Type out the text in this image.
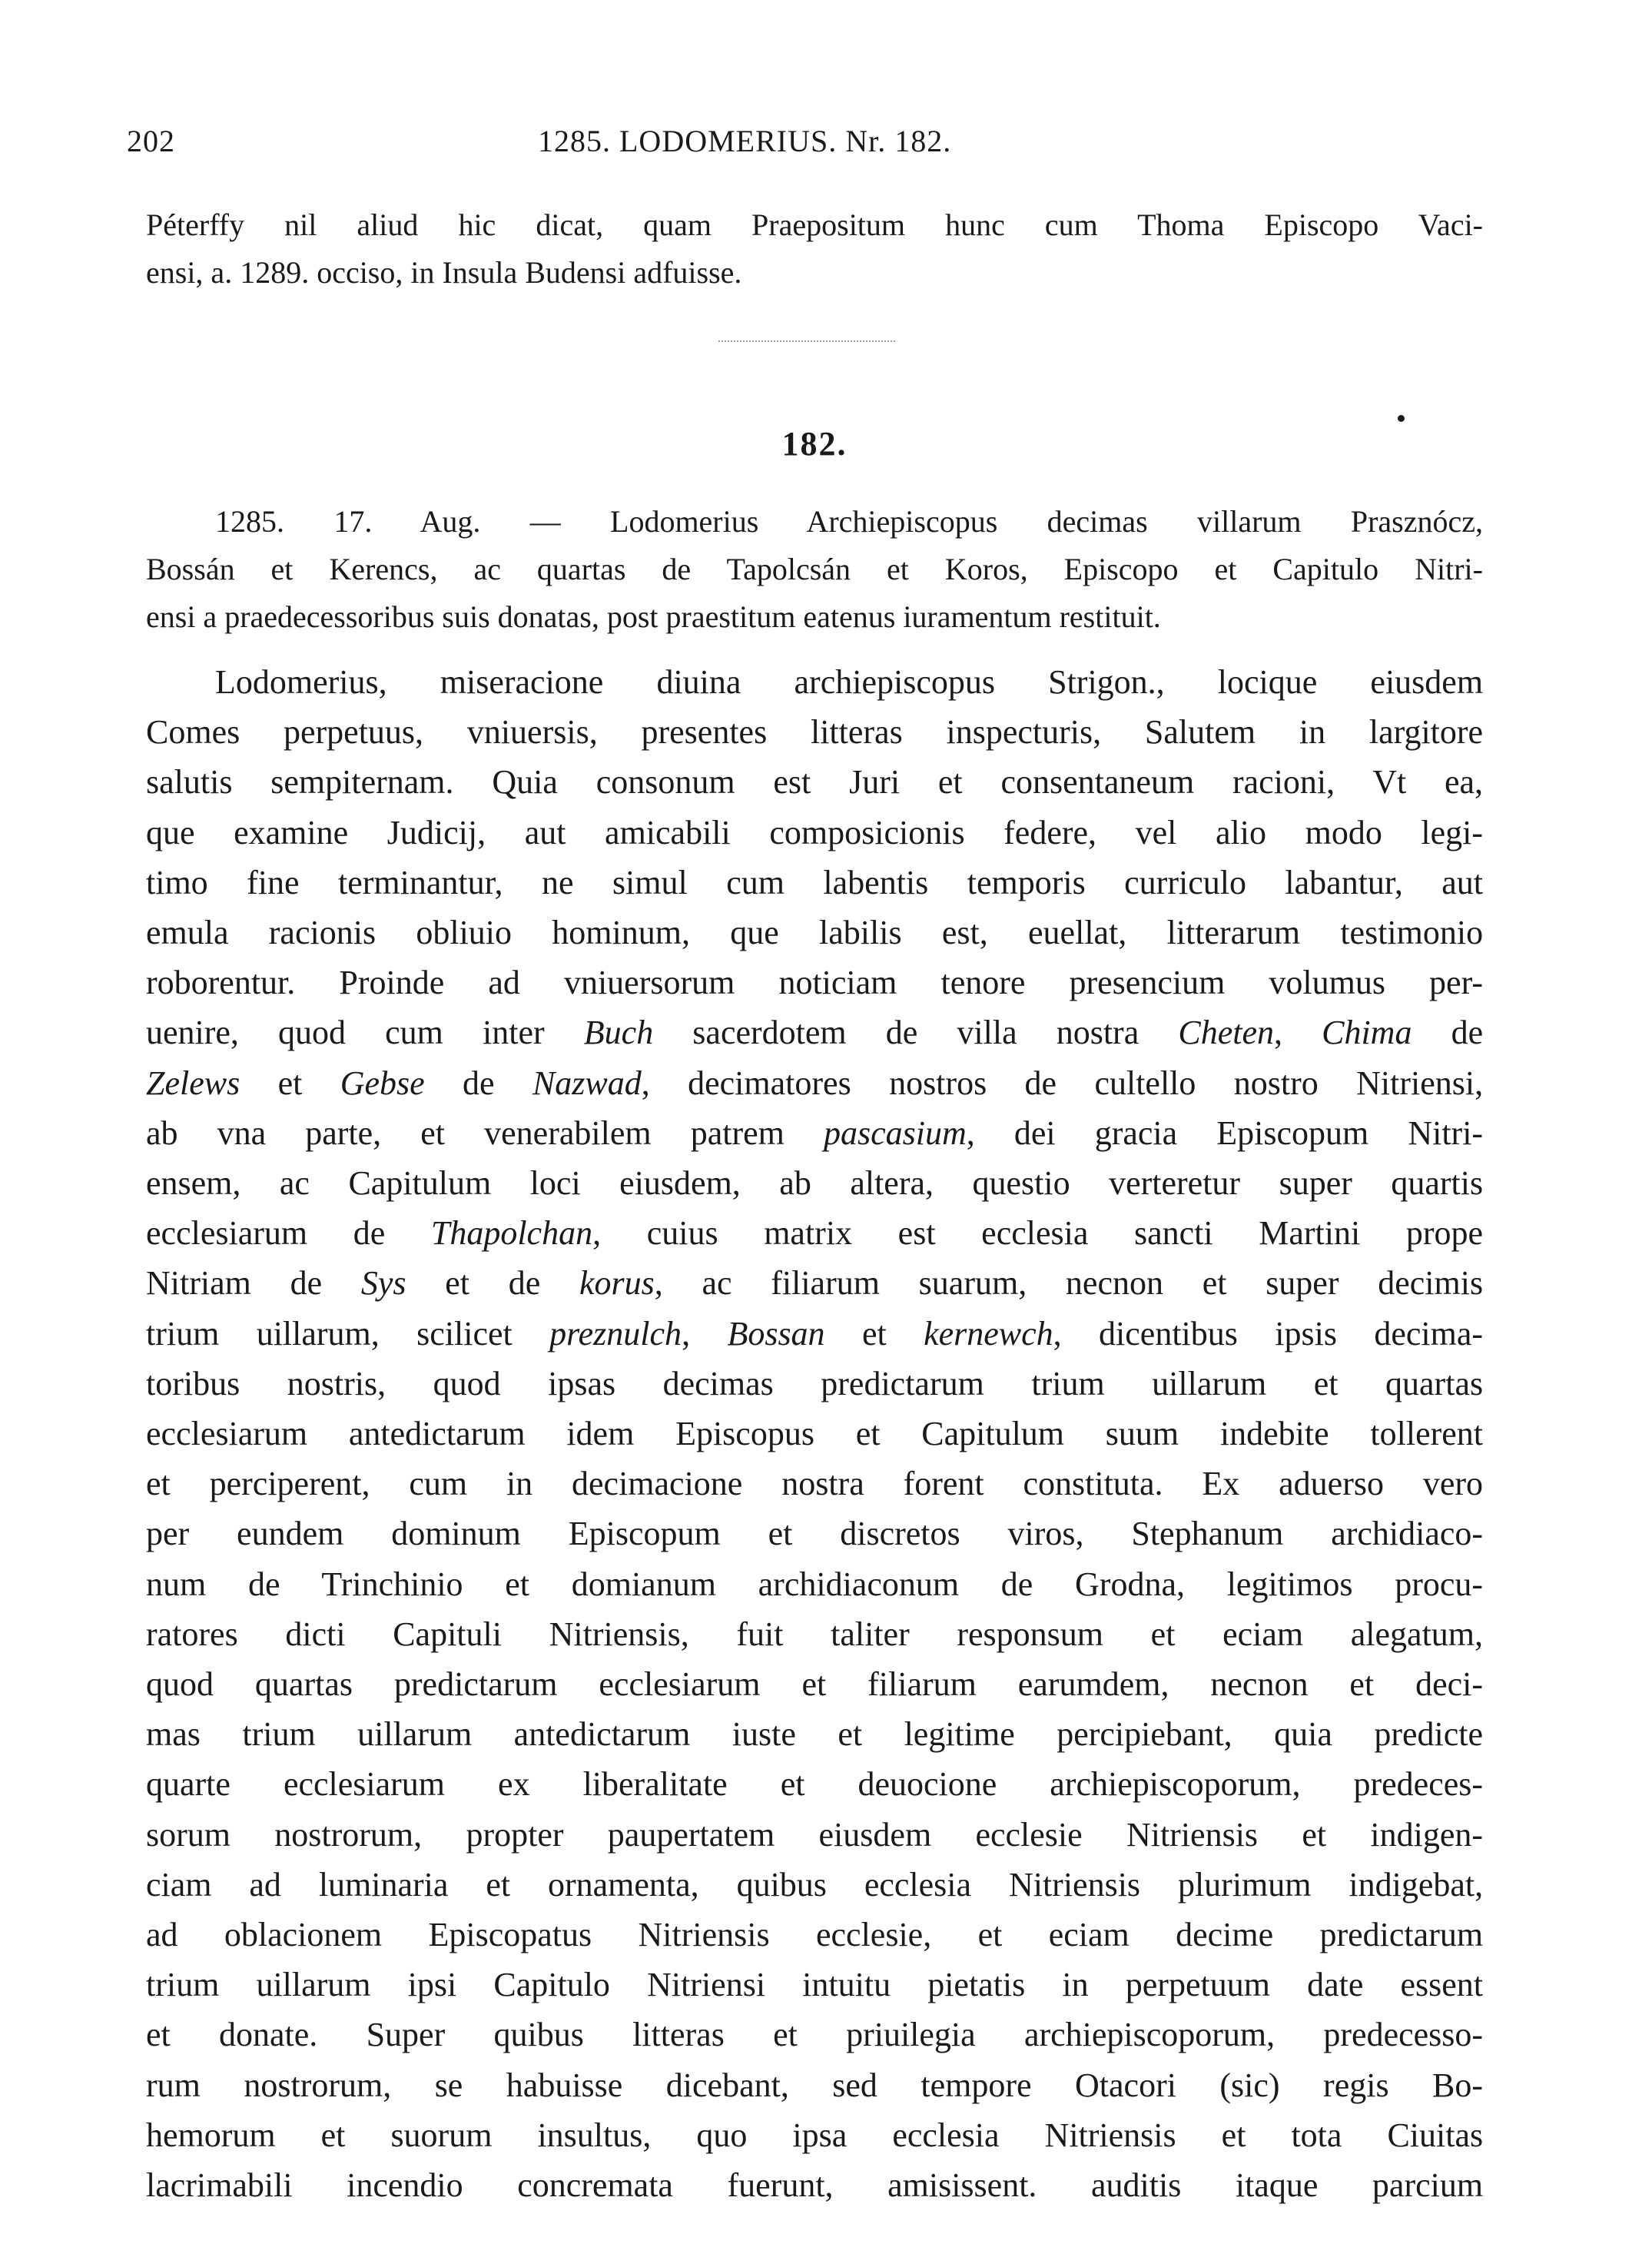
202	1285. LODOMERIUS. Nr. 182.
Péterffy nil aliud hic dicat, quam Praepositum hunc cum Thoma Episcopo Vaci-
ensi, a. 1289. occiso, in Insula Budensi adfuisse.
182.
1285. 17. Aug. — Lodomerius Archiepiscopus decimas villarum Prasznócz,
Bossán et Kerencs, ac quartas de Tapolcsán et Koros, Episcopo et Capitulo Nitri-
ensi a praedecessoribus suis donatas, post praestitum eatenus iuramentum restituit.
Lodomerius, miseracione diuina archiepiscopus Strigon., locique eiusdem
Comes perpetuus, vniuersis, presentes litteras inspecturis, Salutem in largitore
salutis sempiternam. Quia consonum est Juri et consentaneum racioni, Vt ea,
que examine Judicij, aut amicabili composicionis federe, vel alio modo legi-
timo fine terminantur, ne simul cum labentis temporis curriculo labantur, aut
emula racionis obliuio hominum, que labilis est, euellat, litterarum testimonio
roborentur. Proinde ad vniuersorum noticiam tenore presencium volumus per-
uenire, quod cum inter Buch sacerdotem de villa nostra Cheten, Chima de
Zelews et Gebse de Nazwad, decimatores nostros de cultello nostro Nitriensi,
ab vna parte, et venerabilem patrem pascasium, dei gracia Episcopum Nitri-
ensem, ac Capitulum loci eiusdem, ab altera, questio verteretur super quartis
ecclesiarum de Thapolchan, cuius matrix est ecclesia sancti Martini prope
Nitriam de Sys et de korus, ac filiarum suarum, necnon et super decimis
trium uillarum, scilicet preznulch, Bossan et kernewch, dicentibus ipsis decima-
toribus nostris, quod ipsas decimas predictarum trium uillarum et quartas
ecclesiarum antedictarum idem Episcopus et Capitulum suum indebite tollerent
et perciperent, cum in decimacione nostra forent constituta. Ex aduerso vero
per eundem dominum Episcopum et discretos viros, Stephanum archidiaco-
num de Trinchinio et domianum archidiaconum de Grodna, legitimos procu-
ratores dicti Capituli Nitriensis, fuit taliter responsum et eciam alegatum,
quod quartas predictarum ecclesiarum et filiarum earumdem, necnon et deci-
mas trium uillarum antedictarum iuste et legitime percipiebant, quia predicte
quarte ecclesiarum ex liberalitate et deuocione archiepiscoporum, predeces-
sorum nostrorum, propter paupertatem eiusdem ecclesie Nitriensis et indigen-
ciam ad luminaria et ornamenta, quibus ecclesia Nitriensis plurimum indigebat,
ad oblacionem Episcopatus Nitriensis ecclesie, et eciam decime predictarum
trium uillarum ipsi Capitulo Nitriensi intuitu pietatis in perpetuum date essent
et donate. Super quibus litteras et priuilegia archiepiscoporum, predecesso-
rum nostrorum, se habuisse dicebant, sed tempore Otacori (sic) regis Bo-
hemorum et suorum insultus, quo ipsa ecclesia Nitriensis et tota Ciuitas
lacrimabili incendio concremata fuerunt, amisissent. auditis itaque parcium
